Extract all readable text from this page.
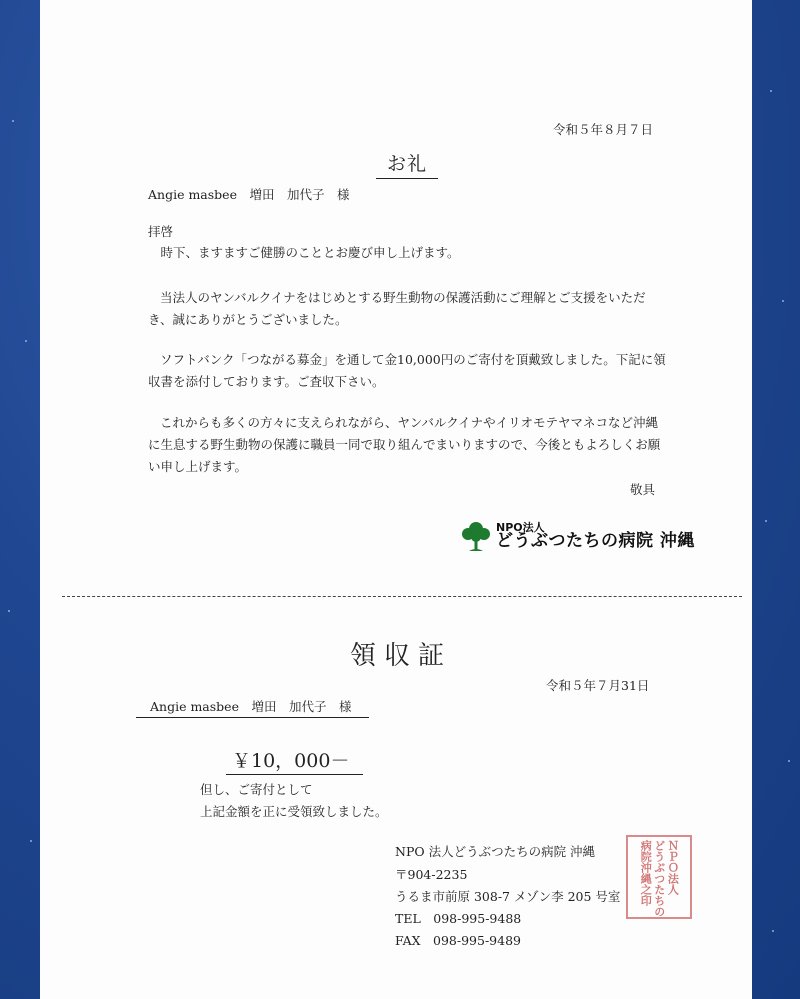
令和５年８月７日
お礼
Angie masbee　増田　加代子　様
拝啓
　時下、ますますご健勝のこととお慶び申し上げます。
当法人のヤンバルクイナをはじめとする野生動物の保護活動にご理解とご支援をいただき、誠にありがとうございました。
ソフトバンク「つながる募金」を通して金10,000円のご寄付を頂戴致しました。下記に領収書を添付しております。ご査収下さい。
これからも多くの方々に支えられながら、ヤンバルクイナやイリオモテヤマネコなど沖縄に生息する野生動物の保護に職員一同で取り組んでまいりますので、今後ともよろしくお願い申し上げます。
敬具
NPO法人
どうぶつたちの病院 沖縄
領収証
令和５年７月31日
Angie masbee　増田　加代子　様
￥10，000－
但し、ご寄付として
上記金額を正に受領致しました。
NPO 法人どうぶつたちの病院 沖縄
〒904-2235
うるま市前原 308-7 メゾン李 205 号室
TEL　098-995-9488
FAX　098-995-9489
ＮＰＯ法人
どうぶつたちの
病院沖縄之印
